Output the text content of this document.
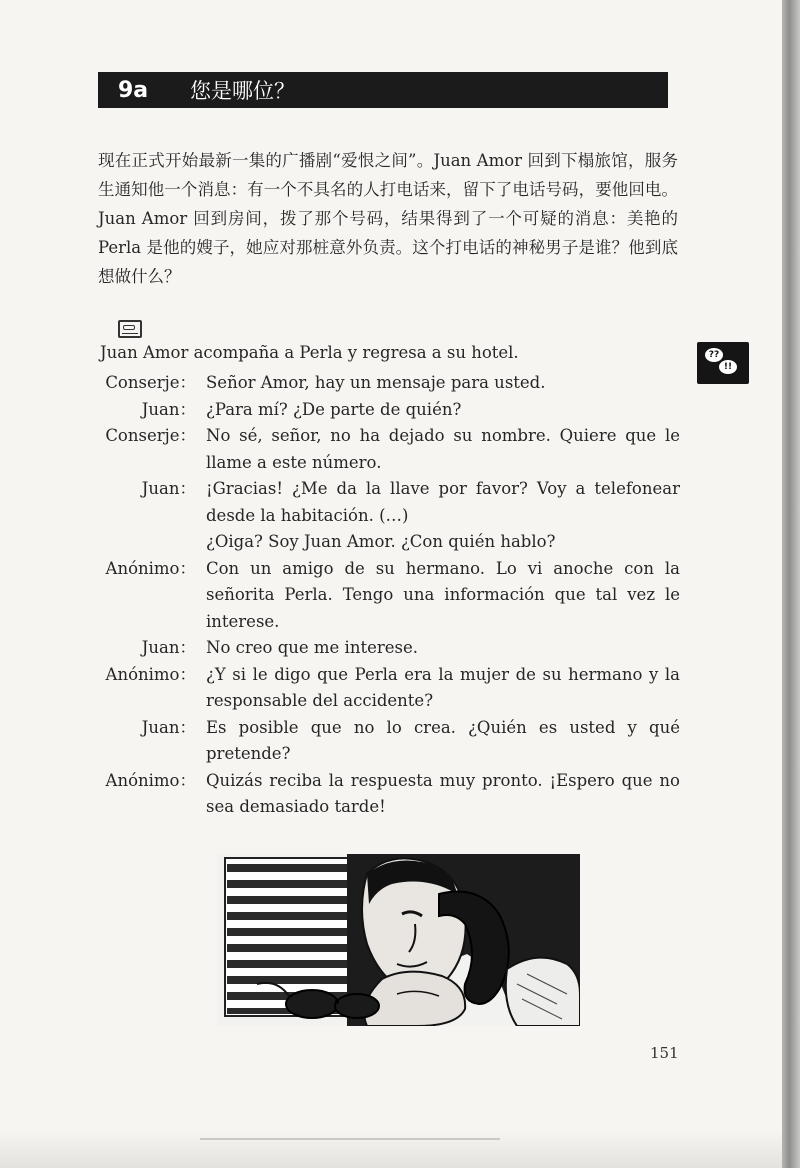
9a	您是哪位？

现在正式开始最新一集的广播剧“爱恨之间”。Juan Amor 回到下榻旅馆，服务生通知他一个消息：有一个不具名的人打电话来，留下了电话号码，要他回电。Juan Amor 回到房间，拨了那个号码，结果得到了一个可疑的消息：美艳的 Perla 是他的嫂子，她应对那桩意外负责。这个打电话的神秘男子是谁？他到底想做什么？

Juan Amor acompaña a Perla y regresa a su hotel.

Conserje： Señor Amor, hay un mensaje para usted.
Juan： ¿Para mí? ¿De parte de quién?
Conserje： No sé, señor, no ha dejado su nombre. Quiere que le llame a este número.
Juan： ¡Gracias! ¿Me da la llave por favor? Voy a telefonear desde la habitación. (…)
¿Oiga? Soy Juan Amor. ¿Con quién hablo?
Anónimo： Con un amigo de su hermano. Lo vi anoche con la señorita Perla. Tengo una información que tal vez le interese.
Juan： No creo que me interese.
Anónimo： ¿Y si le digo que Perla era la mujer de su hermano y la responsable del accidente?
Juan： Es posible que no lo crea. ¿Quién es usted y qué pretende?
Anónimo： Quizás reciba la respuesta muy pronto. ¡Espero que no sea demasiado tarde!
??
!!
151
